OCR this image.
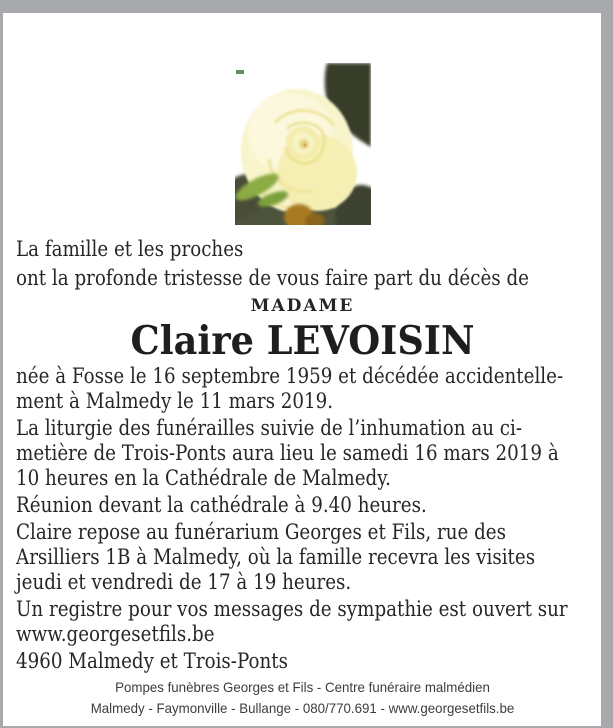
La famille et les proches
ont la profonde tristesse de vous faire part du décès de
MADAME
Claire LEVOISIN
née à Fosse le 16 septembre 1959 et décédée accidentelle-
ment à Malmedy le 11 mars 2019.
La liturgie des funérailles suivie de l’inhumation au ci-
metière de Trois-Ponts aura lieu le samedi 16 mars 2019 à
10 heures en la Cathédrale de Malmedy.
Réunion devant la cathédrale à 9.40 heures.
Claire repose au funérarium Georges et Fils, rue des
Arsilliers 1B à Malmedy, où la famille recevra les visites
jeudi et vendredi de 17 à 19 heures.
Un registre pour vos messages de sympathie est ouvert sur
www.georgesetfils.be
4960 Malmedy et Trois-Ponts
Pompes funèbres Georges et Fils - Centre funéraire malmédien
Malmedy - Faymonville - Bullange - 080/770.691 - www.georgesetfils.be
